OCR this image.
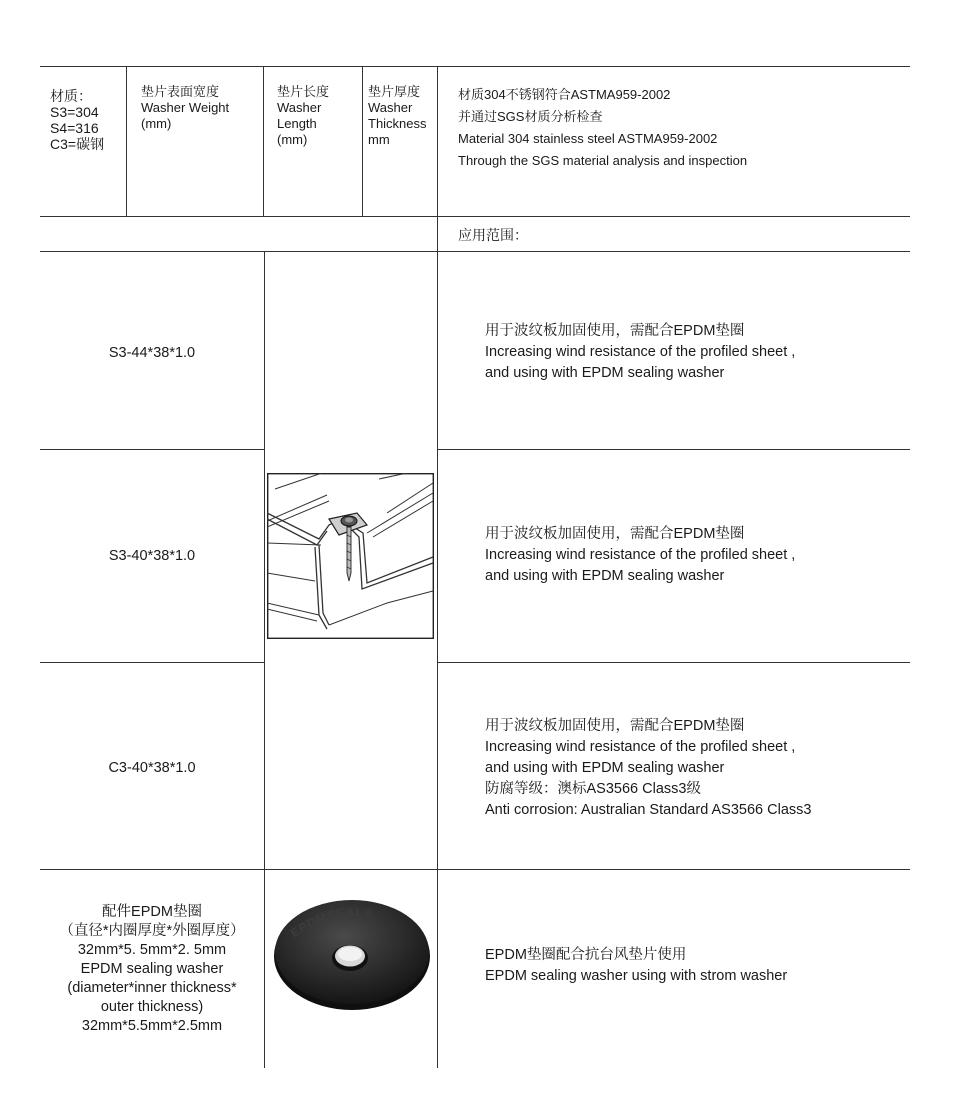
材质：
S3=304
S4=316
C3=碳钢
垫片表面宽度
Washer Weight
(mm)
垫片长度
Washer
Length
(mm)
垫片厚度
Washer
Thickness
mm
材质304不锈钢符合ASTMA959-2002
并通过SGS材质分析检查
Material 304 stainless steel ASTMA959-2002
Through the SGS material analysis and inspection
应用范围：
S3-44*38*1.0
用于波纹板加固使用，需配合EPDM垫圈
Increasing wind resistance of the profiled sheet ,
and using with EPDM sealing washer
S3-40*38*1.0
用于波纹板加固使用，需配合EPDM垫圈
Increasing wind resistance of the profiled sheet ,
and using with EPDM sealing washer
C3-40*38*1.0
用于波纹板加固使用，需配合EPDM垫圈
Increasing wind resistance of the profiled sheet ,
and using with EPDM sealing washer
防腐等级：澳标AS3566 Class3级
Anti corrosion: Australian Standard AS3566 Class3
配件EPDM垫圈
（直径*内圈厚度*外圈厚度）
32mm*5. 5mm*2. 5mm
EPDM sealing washer
(diameter*inner thickness*
outer thickness)
32mm*5.5mm*2.5mm
EPDMSEAL®
EPDM垫圈配合抗台风垫片使用
EPDM sealing washer using with strom washer
